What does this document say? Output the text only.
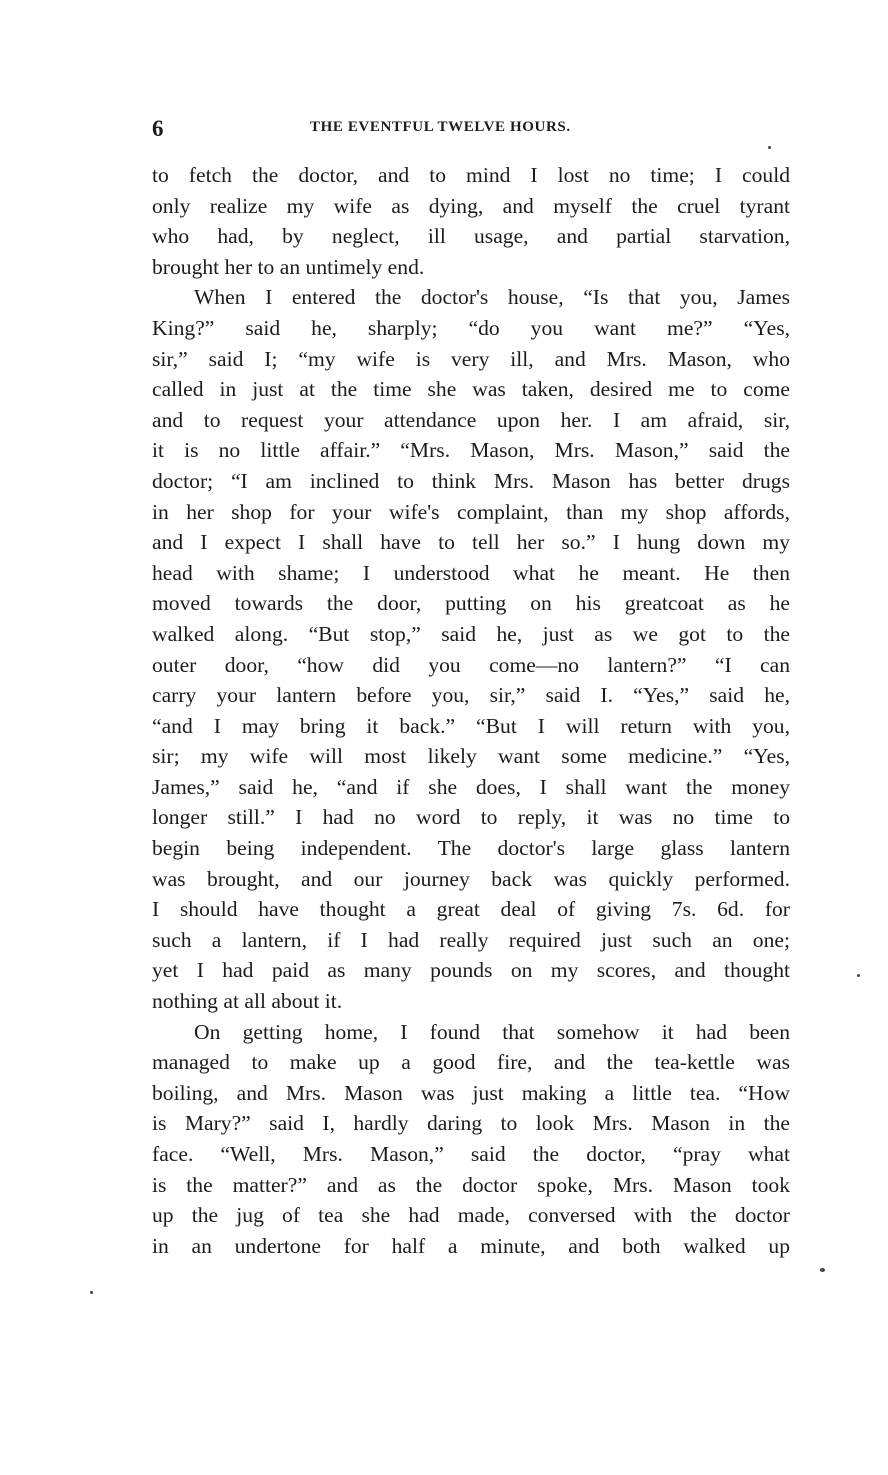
6	THE EVENTFUL TWELVE HOURS.
to fetch the doctor, and to mind I lost no time; I could
only realize my wife as dying, and myself the cruel tyrant
who had, by neglect, ill usage, and partial starvation,
brought her to an untimely end.
When I entered the doctor's house, “Is that you, James
King?” said he, sharply; “do you want me?” “Yes,
sir,” said I; “my wife is very ill, and Mrs. Mason, who
called in just at the time she was taken, desired me to come
and to request your attendance upon her. I am afraid, sir,
it is no little affair.” “Mrs. Mason, Mrs. Mason,” said the
doctor; “I am inclined to think Mrs. Mason has better drugs
in her shop for your wife's complaint, than my shop affords,
and I expect I shall have to tell her so.” I hung down my
head with shame; I understood what he meant. He then
moved towards the door, putting on his greatcoat as he
walked along. “But stop,” said he, just as we got to the
outer door, “how did you come—no lantern?” “I can
carry your lantern before you, sir,” said I. “Yes,” said he,
“and I may bring it back.” “But I will return with you,
sir; my wife will most likely want some medicine.” “Yes,
James,” said he, “and if she does, I shall want the money
longer still.” I had no word to reply, it was no time to
begin being independent. The doctor's large glass lantern
was brought, and our journey back was quickly performed.
I should have thought a great deal of giving 7s. 6d. for
such a lantern, if I had really required just such an one;
yet I had paid as many pounds on my scores, and thought
nothing at all about it.
On getting home, I found that somehow it had been
managed to make up a good fire, and the tea-kettle was
boiling, and Mrs. Mason was just making a little tea. “How
is Mary?” said I, hardly daring to look Mrs. Mason in the
face. “Well, Mrs. Mason,” said the doctor, “pray what
is the matter?” and as the doctor spoke, Mrs. Mason took
up the jug of tea she had made, conversed with the doctor
in an undertone for half a minute, and both walked up
